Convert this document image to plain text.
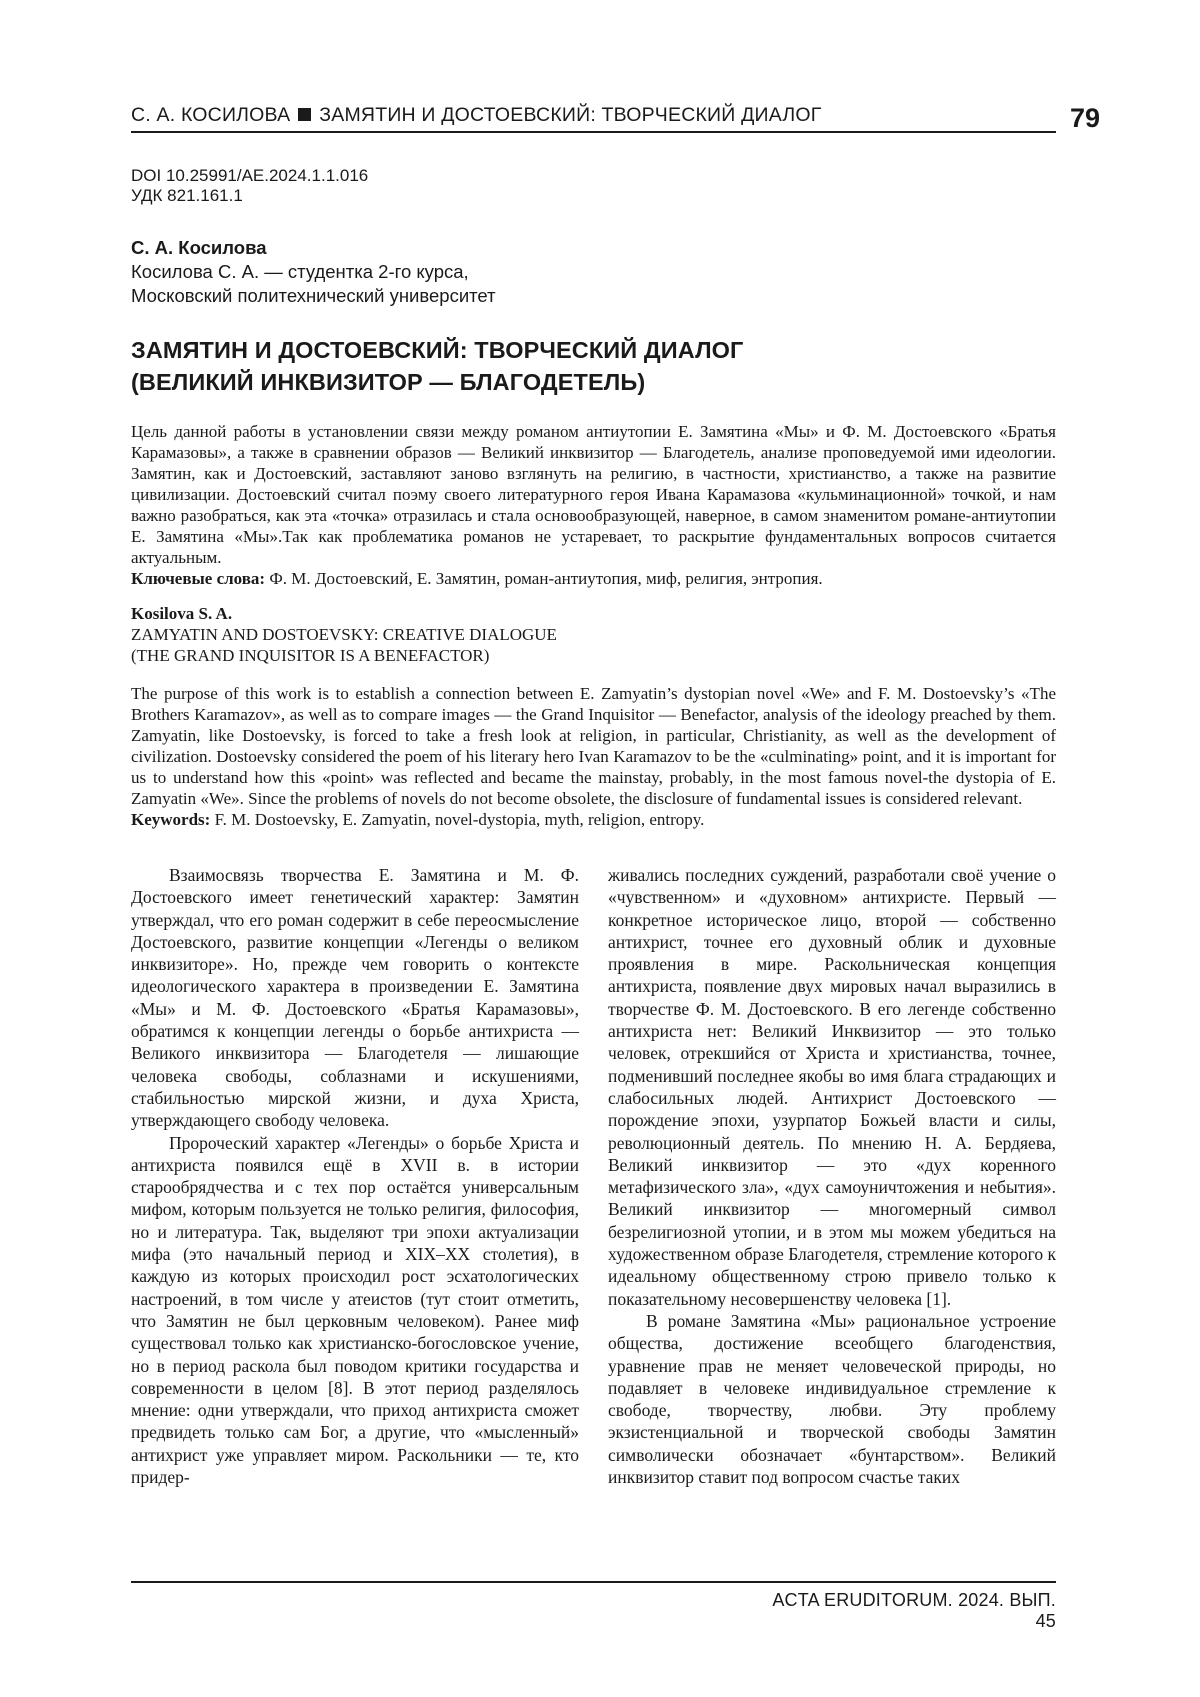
С. А. КОСИЛОВА ЗАМЯТИН И ДОСТОЕВСКИЙ: ТВОРЧЕСКИЙ ДИАЛОГ	79
DOI 10.25991/AE.2024.1.1.016
УДК 821.161.1
С. А. Косилова
Косилова С. А. — студентка 2-го курса,
Московский политехнический университет
ЗАМЯТИН И ДОСТОЕВСКИЙ: ТВОРЧЕСКИЙ ДИАЛОГ
(ВЕЛИКИЙ ИНКВИЗИТОР — БЛАГОДЕТЕЛЬ)

Цель данной работы в установлении связи между романом антиутопии Е. Замятина «Мы» и Ф. М. Достоевского «Братья Карамазовы», а также в сравнении образов — Великий инквизитор — Благодетель, анализе проповедуемой ими идеологии. Замятин, как и Достоевский, заставляют заново взглянуть на религию, в частности, христианство, а также на развитие цивилизации. Достоевский считал поэму своего литературного героя Ивана Карамазова «кульминационной» точкой, и нам важно разобраться, как эта «точка» отразилась и стала основообразующей, наверное, в самом знаменитом романе-антиутопии Е. Замятина «Мы».Так как проблематика романов не устаревает, то раскрытие фундаментальных вопросов считается актуальным.

Ключевые слова: Ф. М. Достоевский, Е. Замятин, роман-антиутопия, миф, религия, энтропия.

Kosilova S. A.
ZAMYATIN AND DOSTOEVSKY: CREATIVE DIALOGUE
(THE GRAND INQUISITOR IS A BENEFACTOR)

The purpose of this work is to establish a connection between E. Zamyatin’s dystopian novel «We» and F. M. Dostoevsky’s «The Brothers Karamazov», as well as to compare images — the Grand Inquisitor — Benefactor, analysis of the ideology preached by them. Zamyatin, like Dostoevsky, is forced to take a fresh look at religion, in particular, Christianity, as well as the development of civilization. Dostoevsky considered the poem of his literary hero Ivan Karamazov to be the «culminating» point, and it is important for us to understand how this «point» was reflected and became the mainstay, probably, in the most famous novel-the dystopia of E. Zamyatin «We». Since the problems of novels do not become obsolete, the disclosure of fundamental issues is considered relevant.

Keywords: F. M. Dostoevsky, E. Zamyatin, novel-dystopia, myth, religion, entropy.

Взаимосвязь творчества Е. Замятина и М. Ф. Достоевского имеет генетический характер: Замятин утверждал, что его роман содержит в себе переосмысление Достоевского, развитие концепции «Легенды о великом инквизиторе». Но, прежде чем говорить о контексте идеологического характера в произведении Е. Замятина «Мы» и М. Ф. Достоевского «Братья Карамазовы», обратимся к концепции легенды о борьбе антихриста — Великого инквизитора — Благодетеля — лишающие человека свободы, соблазнами и искушениями, стабильностью мирской жизни, и духа Христа, утверждающего свободу человека.

Пророческий характер «Легенды» о борьбе Христа и антихриста появился ещё в XVII в. в истории старообрядчества и с тех пор остаётся универсальным мифом, которым пользуется не только религия, философия, но и литература. Так, выделяют три эпохи актуализации мифа (это начальный период и XIX–XX столетия), в каждую из которых происходил рост эсхатологических настроений, в том числе у атеистов (тут стоит отметить, что Замятин не был церковным человеком). Ранее миф существовал только как христианско-богословское учение, но в период раскола был поводом критики государства и современности в целом [8]. В этот период разделялось мнение: одни утверждали, что приход антихриста сможет предвидеть только сам Бог, а другие, что «мысленный» антихрист уже управляет миром. Раскольники — те, кто придер-

живались последних суждений, разработали своё учение о «чувственном» и «духовном» антихристе. Первый — конкретное историческое лицо, второй — собственно антихрист, точнее его духовный облик и духовные проявления в мире. Раскольническая концепция антихриста, появление двух мировых начал выразились в творчестве Ф. М. Достоевского. В его легенде собственно антихриста нет: Великий Инквизитор — это только человек, отрекшийся от Христа и христианства, точнее, подменивший последнее якобы во имя блага страдающих и слабосильных людей. Антихрист Достоевского — порождение эпохи, узурпатор Божьей власти и силы, революционный деятель. По мнению Н. А. Бердяева, Великий инквизитор — это «дух коренного метафизического зла», «дух самоуничтожения и небытия». Великий инквизитор — многомерный символ безрелигиозной утопии, и в этом мы можем убедиться на художественном образе Благодетеля, стремление которого к идеальному общественному строю привело только к показательному несовершенству человека [1].

В романе Замятина «Мы» рациональное устроение общества, достижение всеобщего благоденствия, уравнение прав не меняет человеческой природы, но подавляет в человеке индивидуальное стремление к свободе, творчеству, любви. Эту проблему экзистенциальной и творческой свободы Замятин символически обозначает «бунтарством». Великий инквизитор ставит под вопросом счастье таких

ACTA ERUDITORUM. 2024. ВЫП. 45
